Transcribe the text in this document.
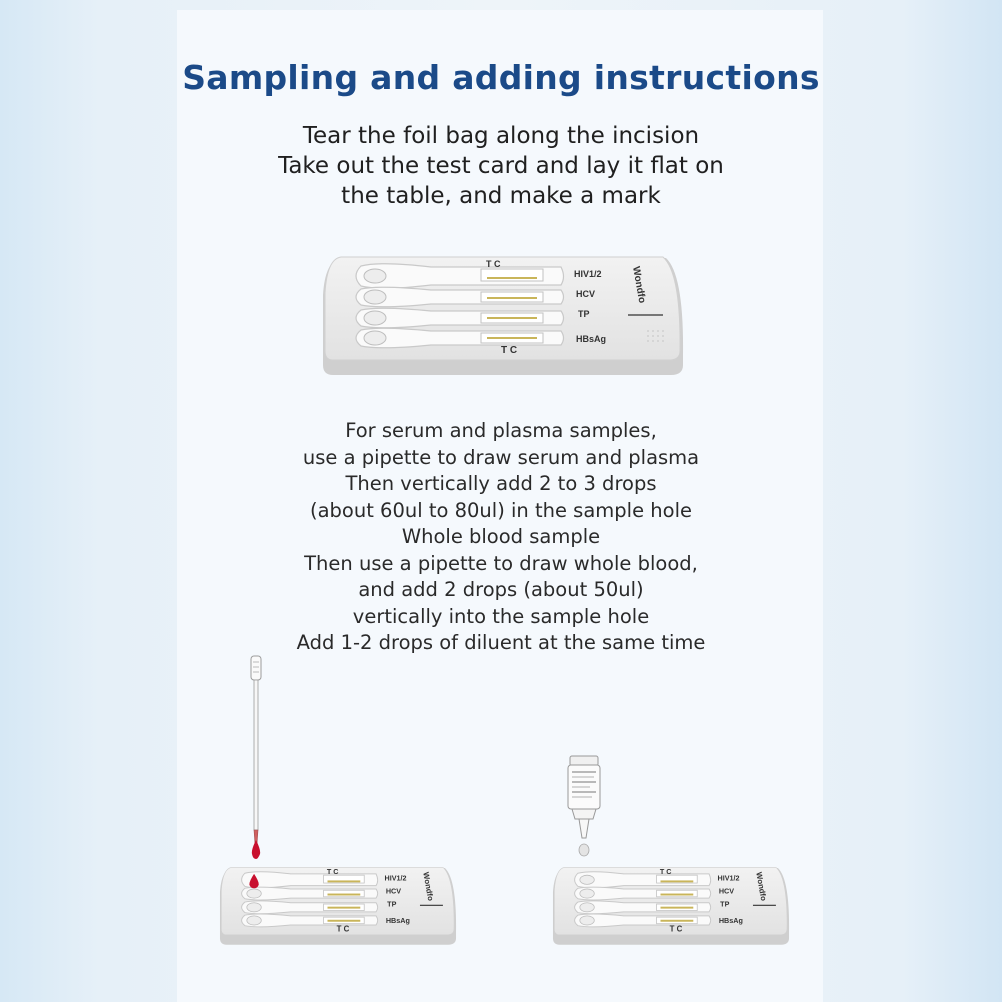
Sampling and adding instructions
Tear the foil bag along the incision
Take out the test card and lay it flat on
the table, and make a mark
T C
T C
HIV1/2
HCV
TP
HBsAg
Wondfo
For serum and plasma samples,
use a pipette to draw serum and plasma
Then vertically add 2 to 3 drops
(about 60ul to 80ul) in the sample hole
Whole blood sample
Then use a pipette to draw whole blood,
and add 2 drops (about 50ul)
vertically into the sample hole
Add 1-2 drops of diluent at the same time
T C
T C
HIV1/2
HCV
TP
HBsAg
Wondfo	T C
T C
HIV1/2
HCV
TP
HBsAg
Wondfo
